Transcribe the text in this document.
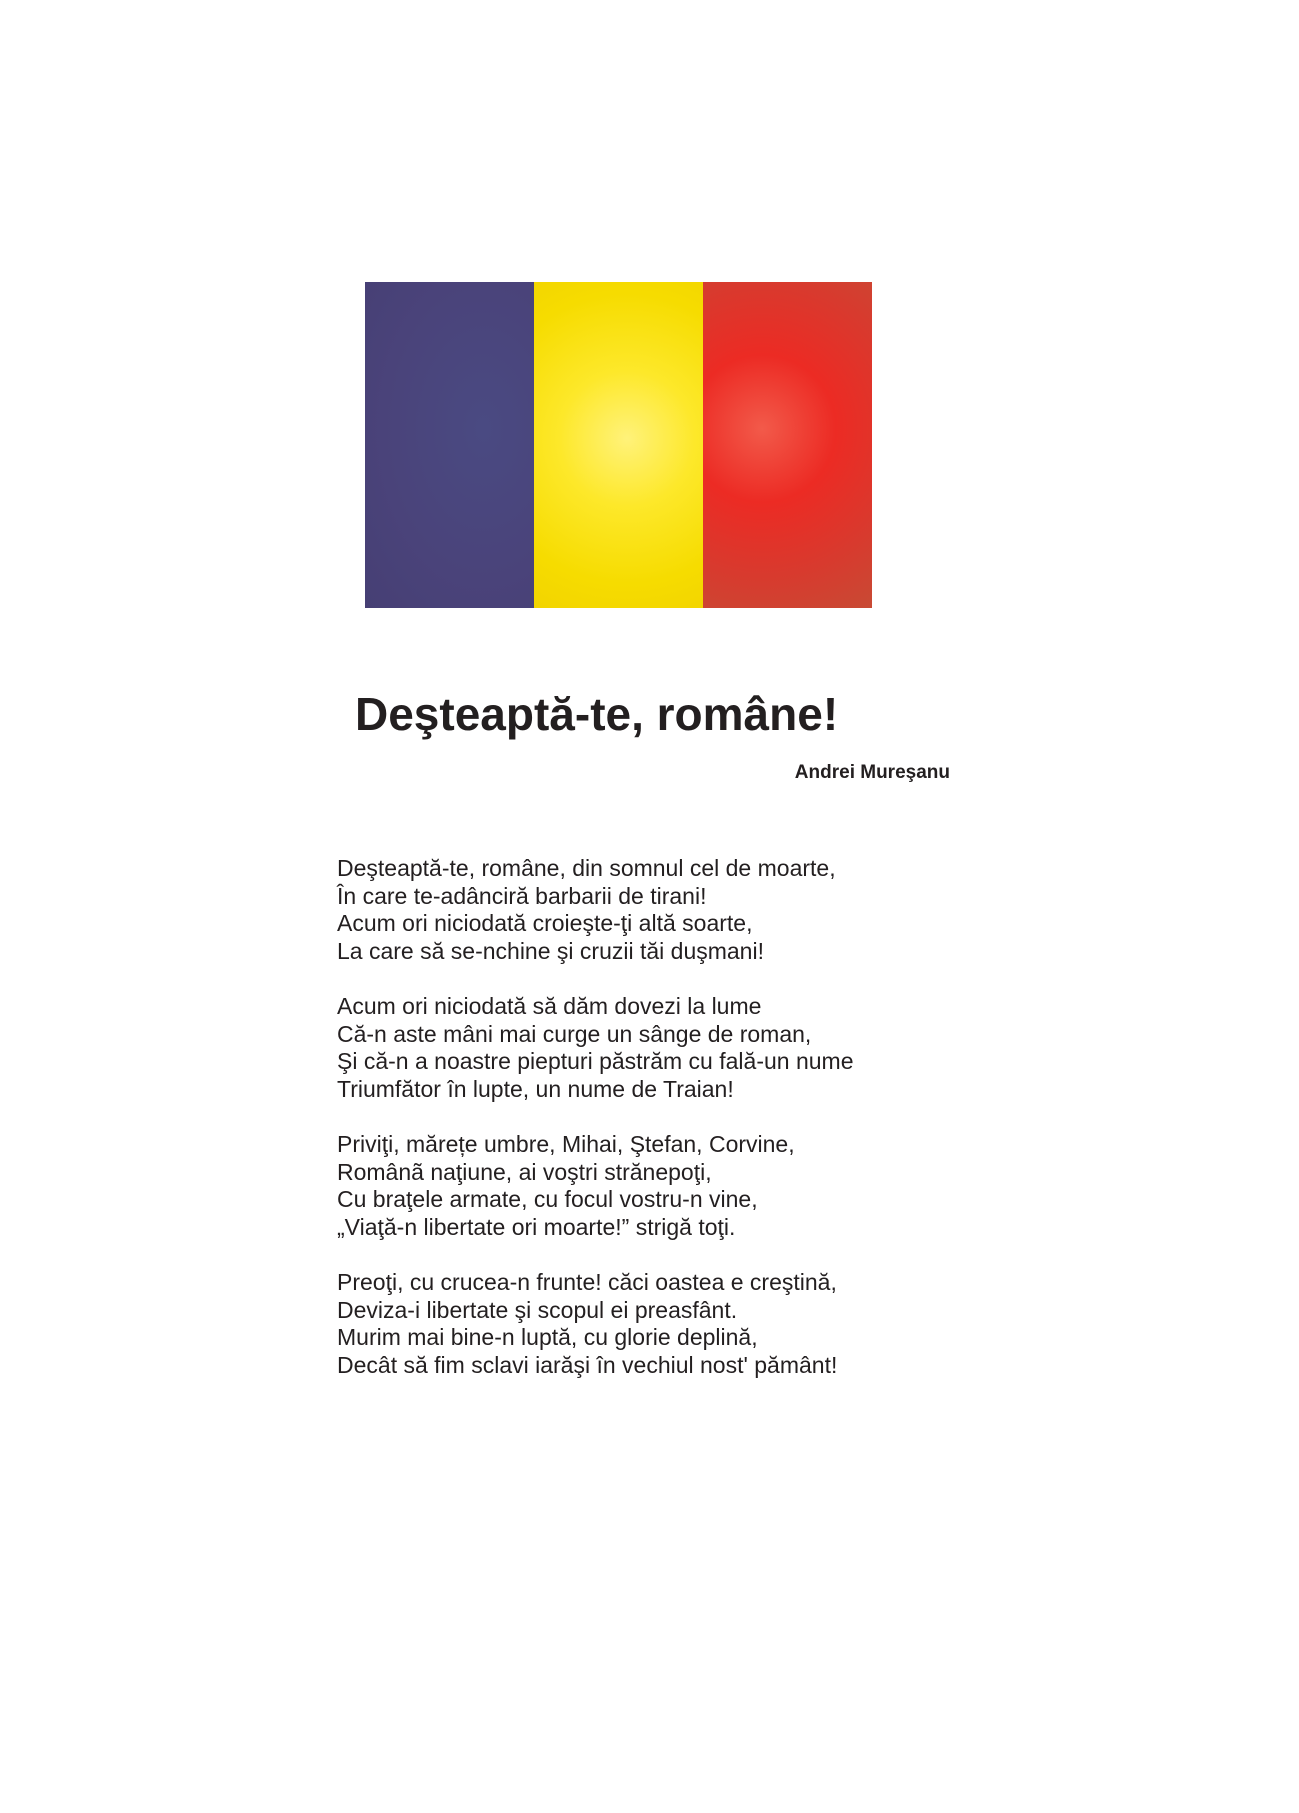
Deşteaptă-te, române!
Andrei Mureşanu
Deşteaptă-te, române, din somnul cel de moarte,
În care te-adânciră barbarii de tirani!
Acum ori niciodată croieşte-ţi altă soarte,
La care să se-nchine şi cruzii tăi duşmani!
Acum ori niciodată să dăm dovezi la lume
Că-n aste mâni mai curge un sânge de roman,
Şi că-n a noastre piepturi păstrăm cu fală-un nume
Triumfător în lupte, un nume de Traian!
Priviţi, mărețe umbre, Mihai, Ştefan, Corvine,
Românã naţiune, ai voştri strănepoţi,
Cu braţele armate, cu focul vostru-n vine,
„Viaţă-n libertate ori moarte!” strigă toţi.
Preoţi, cu crucea-n frunte! căci oastea e creştină,
Deviza-i libertate şi scopul ei preasfânt.
Murim mai bine-n luptă, cu glorie deplină,
Decât să fim sclavi iarăşi în vechiul nost' pământ!
